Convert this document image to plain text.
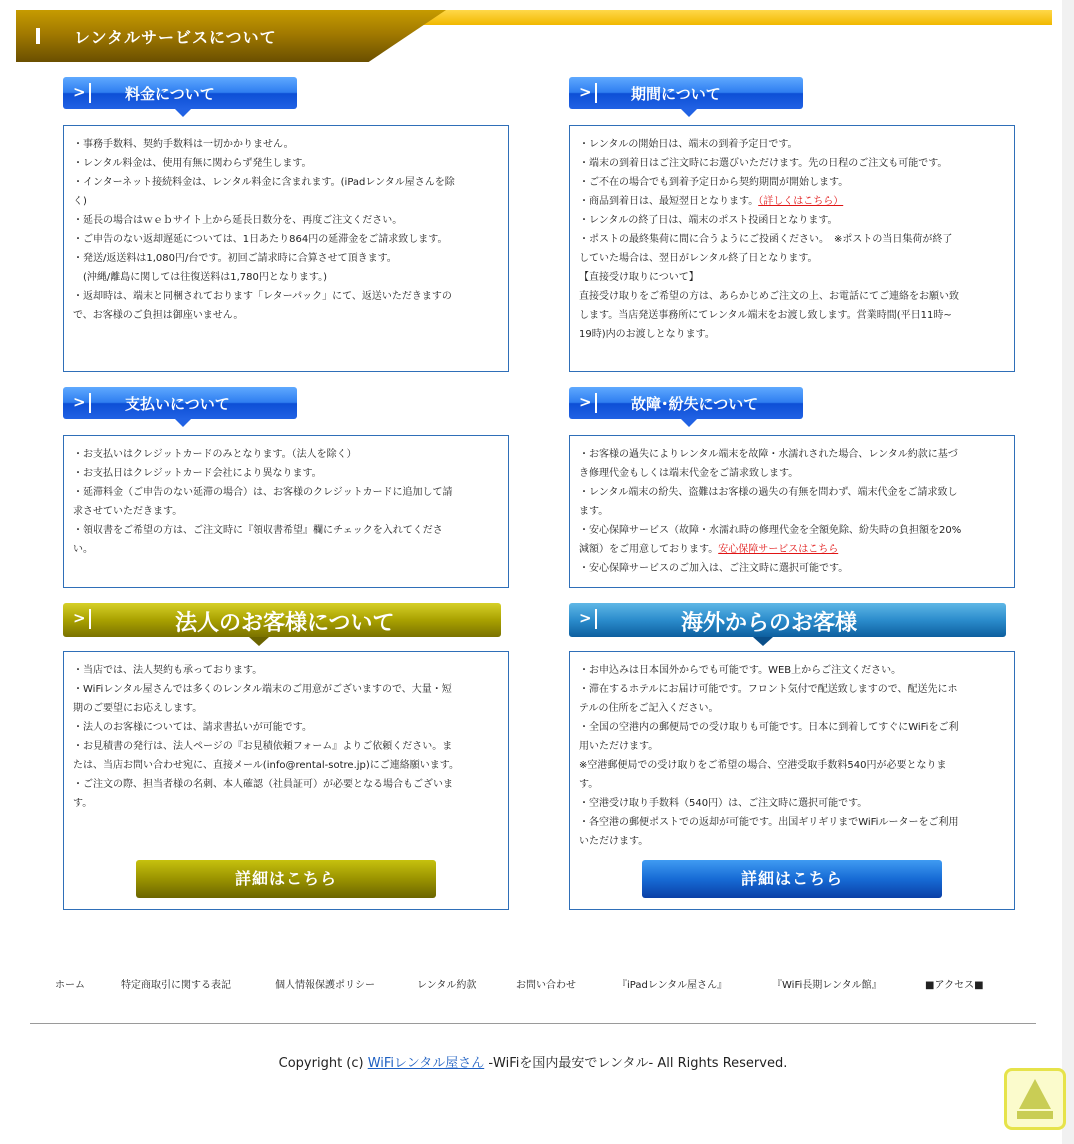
レンタルサービスについて
>	料金について

・事務手数料、契約手数料は一切かかりません。

・レンタル料金は、使用有無に関わらず発生します。

・インターネット接続料金は、レンタル料金に含まれます。(iPadレンタル屋さんを除
く)

・延長の場合はｗｅｂサイト上から延長日数分を、再度ご注文ください。

・ご申告のない返却遅延については、1日あたり864円の延滞金をご請求致します。

・発送/返送料は1,080円/台です。初回ご請求時に合算させて頂きます。

　(沖縄/離島に関しては往復送料は1,780円となります。)

・返却時は、端末と同梱されております「レターパック」にて、返送いただきますの
で、お客様のご負担は御座いません。

>	期間について

・レンタルの開始日は、端末の到着予定日です。

・端末の到着日はご注文時にお選びいただけます。先の日程のご注文も可能です。

・ご不在の場合でも到着予定日から契約期間が開始します。

・商品到着日は、最短翌日となります。（詳しくはこちら）

・レンタルの終了日は、端末のポスト投函日となります。

・ポストの最終集荷に間に合うようにご投函ください。　※ポストの当日集荷が終了
していた場合は、翌日がレンタル終了日となります。

【直接受け取りについて】

直接受け取りをご希望の方は、あらかじめご注文の上、お電話にてご連絡をお願い致
します。当店発送事務所にてレンタル端末をお渡し致します。営業時間(平日11時~
19時)内のお渡しとなります。

>	支払いについて

・お支払いはクレジットカードのみとなります。（法人を除く）

・お支払日はクレジットカード会社により異なります。

・延滞料金（ご申告のない延滞の場合）は、お客様のクレジットカードに追加して請
求させていただきます。

・領収書をご希望の方は、ご注文時に『領収書希望』欄にチェックを入れてくださ
い。

>	故障･紛失について

・お客様の過失によりレンタル端末を故障・水濡れされた場合、レンタル約款に基づ
き修理代金もしくは端末代金をご請求致します。

・レンタル端末の紛失、盗難はお客様の過失の有無を問わず、端末代金をご請求致し
ます。

・安心保障サービス（故障・水濡れ時の修理代金を全額免除、紛失時の負担額を20%
減額）をご用意しております。安心保障サービスはこちら

・安心保障サービスのご加入は、ご注文時に選択可能です。

>	法人のお客様について

・当店では、法人契約も承っております。

・WiFiレンタル屋さんでは多くのレンタル端末のご用意がございますので、大量・短
期のご要望にお応えします。

・法人のお客様については、請求書払いが可能です。

・お見積書の発行は、法人ページの『お見積依頼フォーム』よりご依頼ください。ま
たは、当店お問い合わせ宛に、直接メール(info@rental-sotre.jp)にご連絡願います。

・ご注文の際、担当者様の名刺、本人確認（社員証可）が必要となる場合もございま
す。

詳細はこちら
>	海外からのお客様

・お申込みは日本国外からでも可能です。WEB上からご注文ください。

・滞在するホテルにお届け可能です。フロント気付で配送致しますので、配送先にホ
テルの住所をご記入ください。

・全国の空港内の郵便局での受け取りも可能です。日本に到着してすぐにWiFiをご利
用いただけます。

※空港郵便局での受け取りをご希望の場合、空港受取手数料540円が必要となりま
す。

・空港受け取り手数料（540円）は、ご注文時に選択可能です。

・各空港の郵便ポストでの返却が可能です。出国ギリギリまでWiFiルーターをご利用
いただけます。

詳細はこちら
ホーム	特定商取引に関する表記	個人情報保護ポリシー	レンタル約款	お問い合わせ	『iPadレンタル屋さん』	『WiFi長期レンタル館』	■アクセス■
Copyright (c) WiFiレンタル屋さん -WiFiを国内最安でレンタル- All Rights Reserved.
